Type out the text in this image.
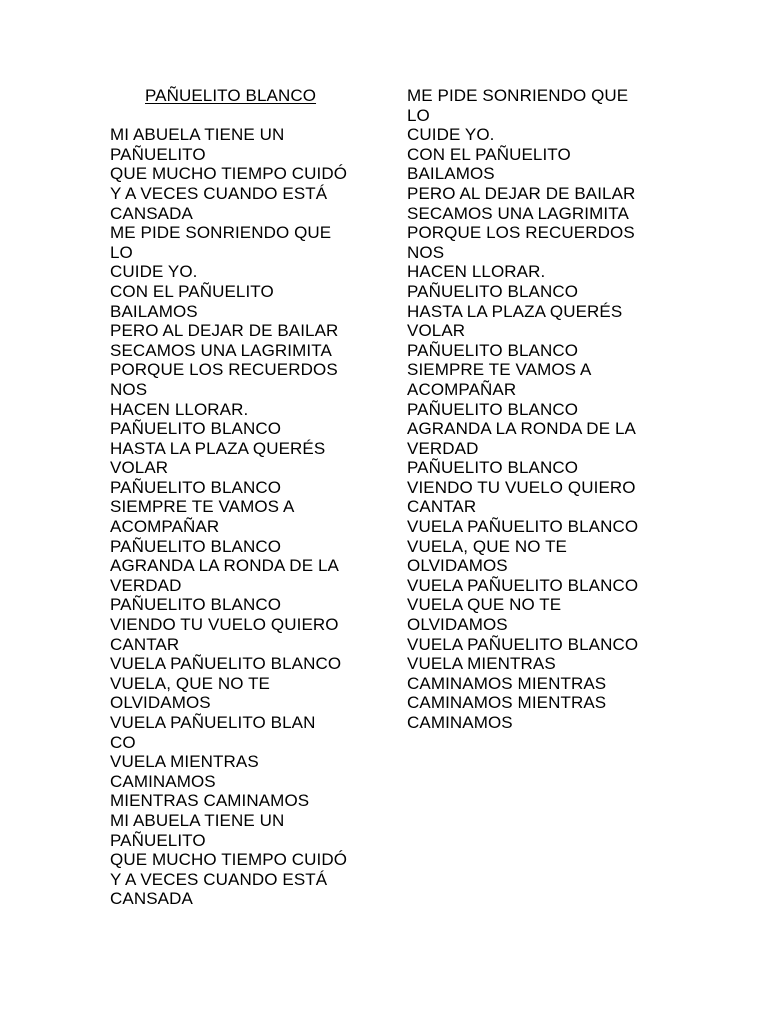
PAÑUELITO BLANCO
MI ABUELA TIENE UN
PAÑUELITO
QUE MUCHO TIEMPO CUIDÓ
Y A VECES CUANDO ESTÁ
CANSADA
ME PIDE SONRIENDO QUE
LO
CUIDE YO.
CON EL PAÑUELITO
BAILAMOS
PERO AL DEJAR DE BAILAR
SECAMOS UNA LAGRIMITA
PORQUE LOS RECUERDOS
NOS
HACEN LLORAR.
PAÑUELITO BLANCO
HASTA LA PLAZA QUERÉS
VOLAR
PAÑUELITO BLANCO
SIEMPRE TE VAMOS A
ACOMPAÑAR
PAÑUELITO BLANCO
AGRANDA LA RONDA DE LA
VERDAD
PAÑUELITO BLANCO
VIENDO TU VUELO QUIERO
CANTAR
VUELA PAÑUELITO BLANCO
VUELA, QUE NO TE
OLVIDAMOS
VUELA PAÑUELITO BLAN
CO
VUELA MIENTRAS
CAMINAMOS
MIENTRAS CAMINAMOS
MI ABUELA TIENE UN
PAÑUELITO
QUE MUCHO TIEMPO CUIDÓ
Y A VECES CUANDO ESTÁ
CANSADA
ME PIDE SONRIENDO QUE
LO
CUIDE YO.
CON EL PAÑUELITO
BAILAMOS
PERO AL DEJAR DE BAILAR
SECAMOS UNA LAGRIMITA
PORQUE LOS RECUERDOS
NOS
HACEN LLORAR.
PAÑUELITO BLANCO
HASTA LA PLAZA QUERÉS
VOLAR
PAÑUELITO BLANCO
SIEMPRE TE VAMOS A
ACOMPAÑAR
PAÑUELITO BLANCO
AGRANDA LA RONDA DE LA
VERDAD
PAÑUELITO BLANCO
VIENDO TU VUELO QUIERO
CANTAR
VUELA PAÑUELITO BLANCO
VUELA, QUE NO TE
OLVIDAMOS
VUELA PAÑUELITO BLANCO
VUELA QUE NO TE
OLVIDAMOS
VUELA PAÑUELITO BLANCO
VUELA MIENTRAS
CAMINAMOS MIENTRAS
CAMINAMOS MIENTRAS
CAMINAMOS
